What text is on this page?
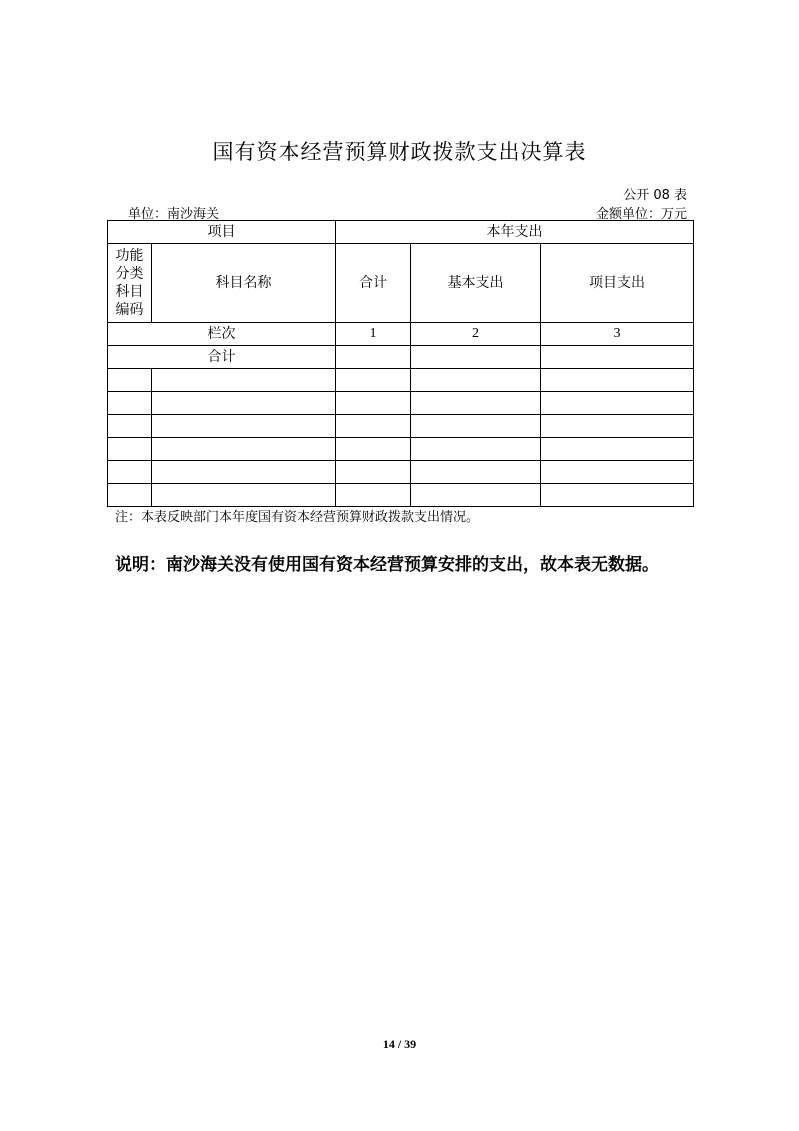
国有资本经营预算财政拨款支出决算表
公开 08 表
单位：南沙海关	金额单位：万元
项目		本年支出		

功能
分类
科目
编码	科目名称	合计	基本支出	项目支出
栏次		1	2	3
合计				

注：本表反映部门本年度国有资本经营预算财政拨款支出情况。
说明：南沙海关没有使用国有资本经营预算安排的支出，故本表无数据。
14 / 39
